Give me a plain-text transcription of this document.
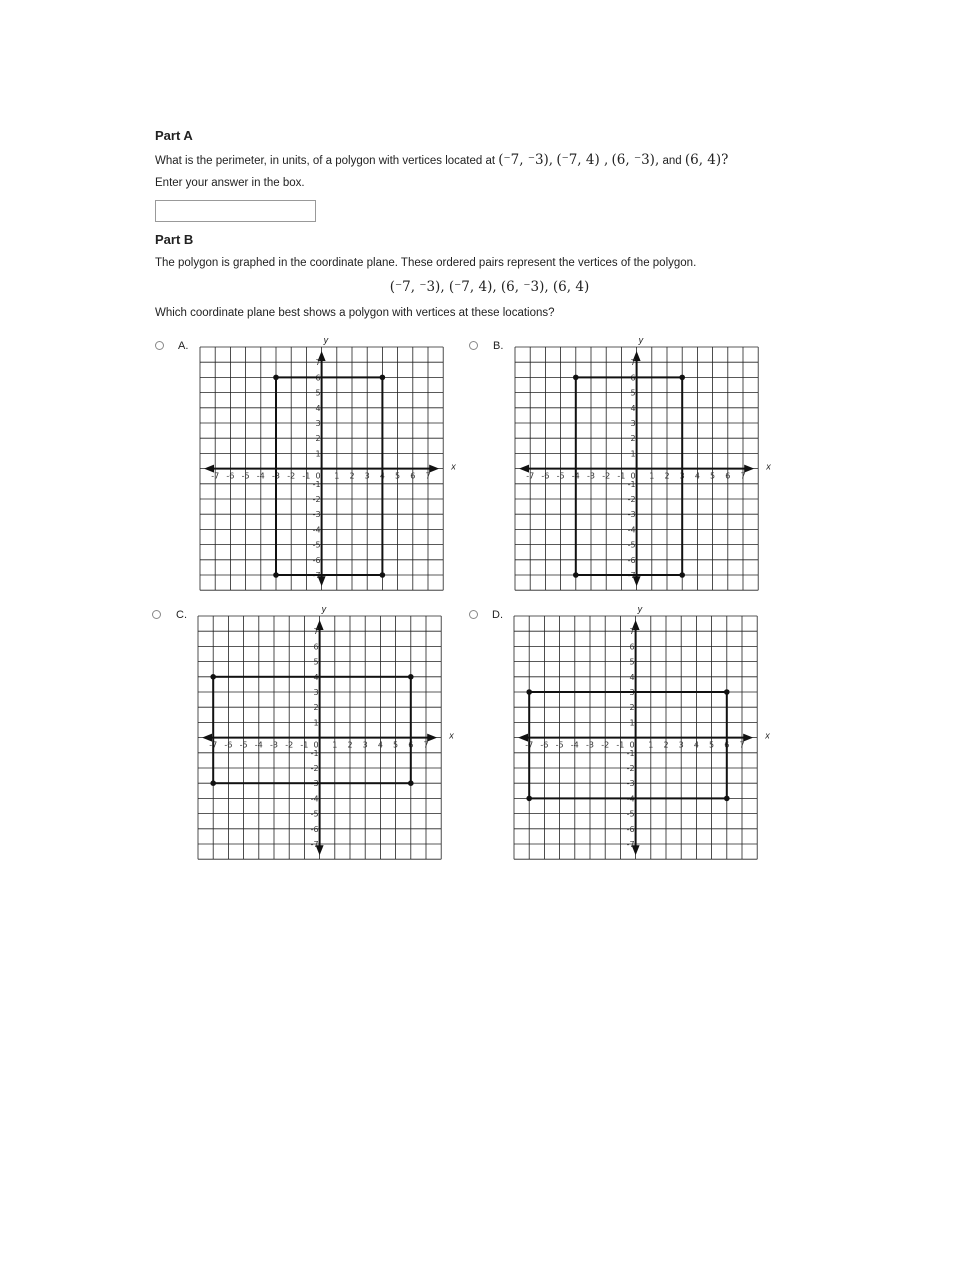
Part A
What is the perimeter, in units, of a polygon with vertices located at (⁻7, ⁻3), (⁻7, 4) , (6, ⁻3), and (6, 4)?
Enter your answer in the box.
Part B
The polygon is graphed in the coordinate plane. These ordered pairs represent the vertices of the polygon.
(⁻7, ⁻3), (⁻7, 4), (6, ⁻3), (6, 4)
Which coordinate plane best shows a polygon with vertices at these locations?
A.
x
y
1
1
2
2
3
3
4
4
5
5
6
6
7
7
-1
-1
-2
-2
-3
-3
-4
-4
-5
-5
-6
-6
-7
-7
0
B.
x
y
1
1
2
2
3
3
4
4
5
5
6
6
7
7
-1
-1
-2
-2
-3
-3
-4
-4
-5
-5
-6
-6
-7
-7
0
C.
x
y
1
1
2
2
3
3
4
4
5
5
6
6
7
7
-1
-1
-2
-2
-3
-3
-4
-4
-5
-5
-6
-6
-7
-7
0
D.
x
y
1
1
2
2
3
3
4
4
5
5
6
6
7
7
-1
-1
-2
-2
-3
-3
-4
-4
-5
-5
-6
-6
-7
-7
0
